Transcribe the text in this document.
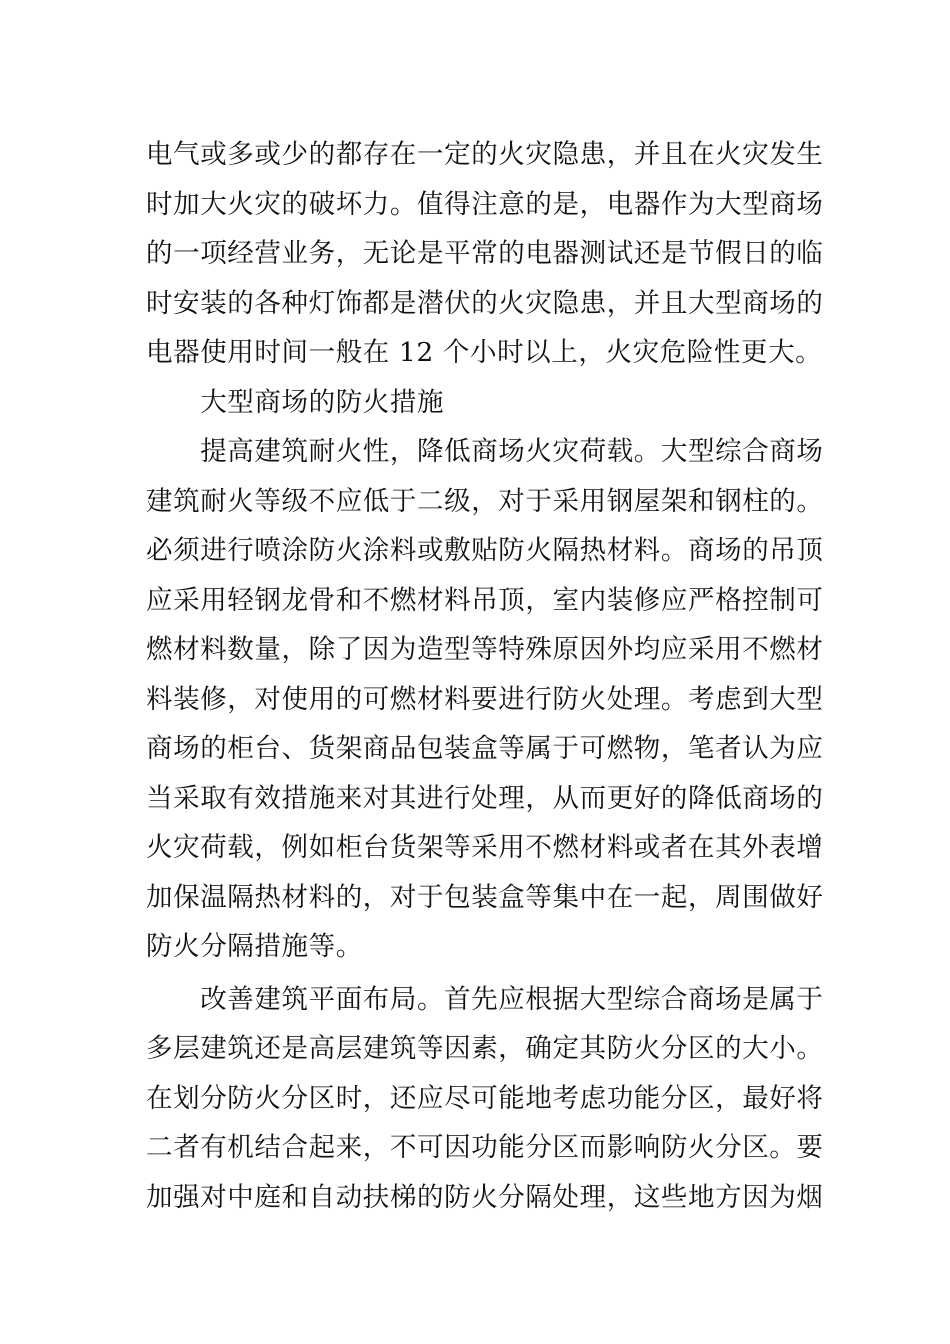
电气或多或少的都存在一定的火灾隐患，并且在火灾发生
时加大火灾的破坏力。值得注意的是，电器作为大型商场
的一项经营业务，无论是平常的电器测试还是节假日的临
时安装的各种灯饰都是潜伏的火灾隐患，并且大型商场的
电器使用时间一般在 12 个小时以上，火灾危险性更大。
　　大型商场的防火措施
　　提高建筑耐火性，降低商场火灾荷载。大型综合商场
建筑耐火等级不应低于二级，对于采用钢屋架和钢柱的。
必须进行喷涂防火涂料或敷贴防火隔热材料。商场的吊顶
应采用轻钢龙骨和不燃材料吊顶，室内装修应严格控制可
燃材料数量，除了因为造型等特殊原因外均应采用不燃材
料装修，对使用的可燃材料要进行防火处理。考虑到大型
商场的柜台、货架商品包装盒等属于可燃物，笔者认为应
当采取有效措施来对其进行处理，从而更好的降低商场的
火灾荷载，例如柜台货架等采用不燃材料或者在其外表增
加保温隔热材料的，对于包装盒等集中在一起，周围做好
防火分隔措施等。
　　改善建筑平面布局。首先应根据大型综合商场是属于
多层建筑还是高层建筑等因素，确定其防火分区的大小。
在划分防火分区时，还应尽可能地考虑功能分区，最好将
二者有机结合起来，不可因功能分区而影响防火分区。要
加强对中庭和自动扶梯的防火分隔处理，这些地方因为烟
